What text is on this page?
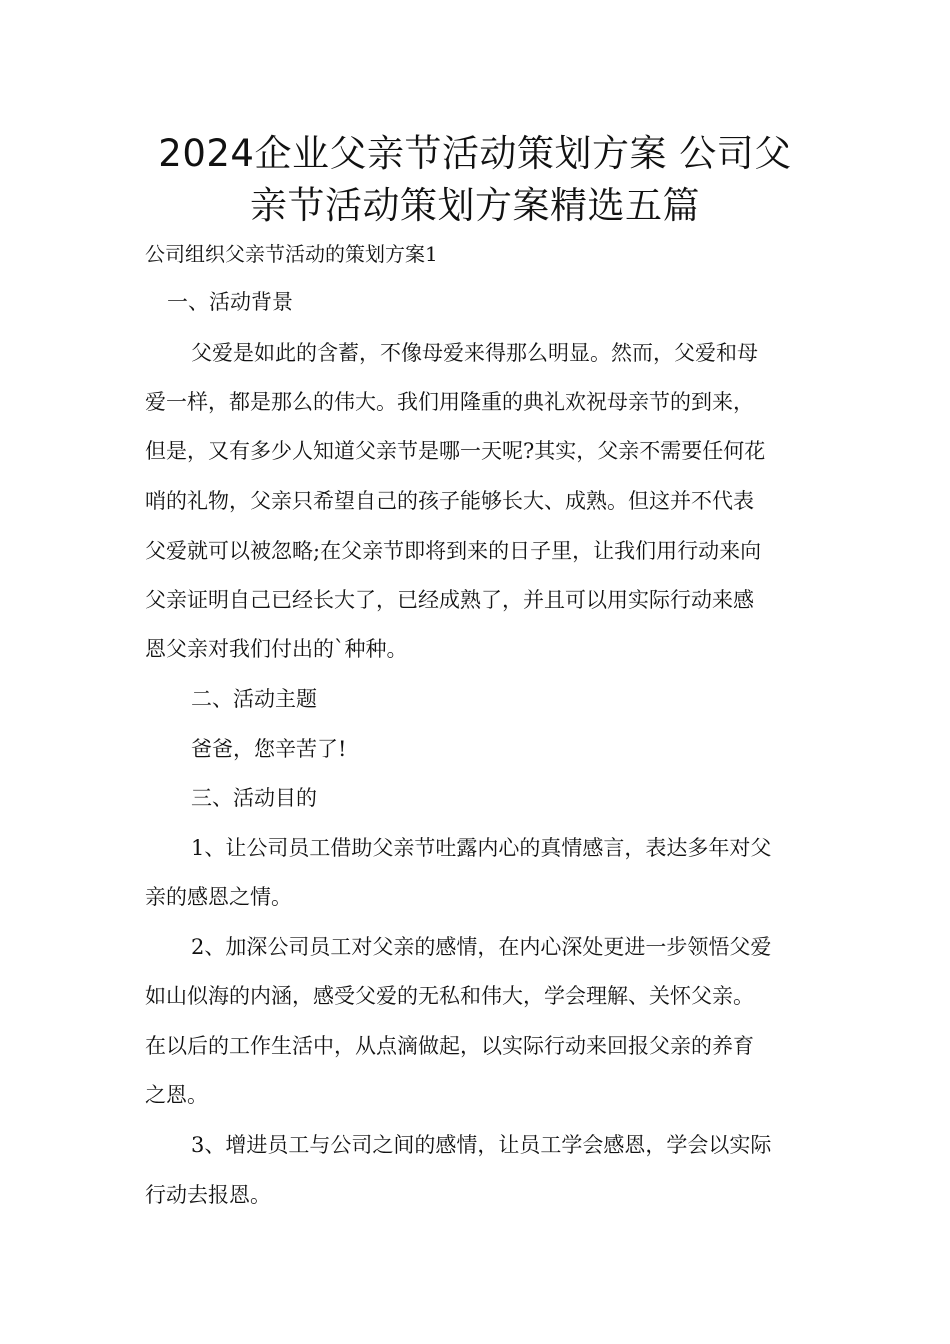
2024企业父亲节活动策划方案 公司父
亲节活动策划方案精选五篇

公司组织父亲节活动的策划方案1

一、活动背景

父爱是如此的含蓄，不像母爱来得那么明显。然而，父爱和母

爱一样，都是那么的伟大。我们用隆重的典礼欢祝母亲节的到来，

但是，又有多少人知道父亲节是哪一天呢?其实，父亲不需要任何花

哨的礼物，父亲只希望自己的孩子能够长大、成熟。但这并不代表

父爱就可以被忽略;在父亲节即将到来的日子里，让我们用行动来向

父亲证明自己已经长大了，已经成熟了，并且可以用实际行动来感

恩父亲对我们付出的`种种。

二、活动主题

爸爸，您辛苦了!

三、活动目的

1、让公司员工借助父亲节吐露内心的真情感言，表达多年对父

亲的感恩之情。

2、加深公司员工对父亲的感情，在内心深处更进一步领悟父爱

如山似海的内涵，感受父爱的无私和伟大，学会理解、关怀父亲。

在以后的工作生活中，从点滴做起，以实际行动来回报父亲的养育

之恩。

3、增进员工与公司之间的感情，让员工学会感恩，学会以实际

行动去报恩。
